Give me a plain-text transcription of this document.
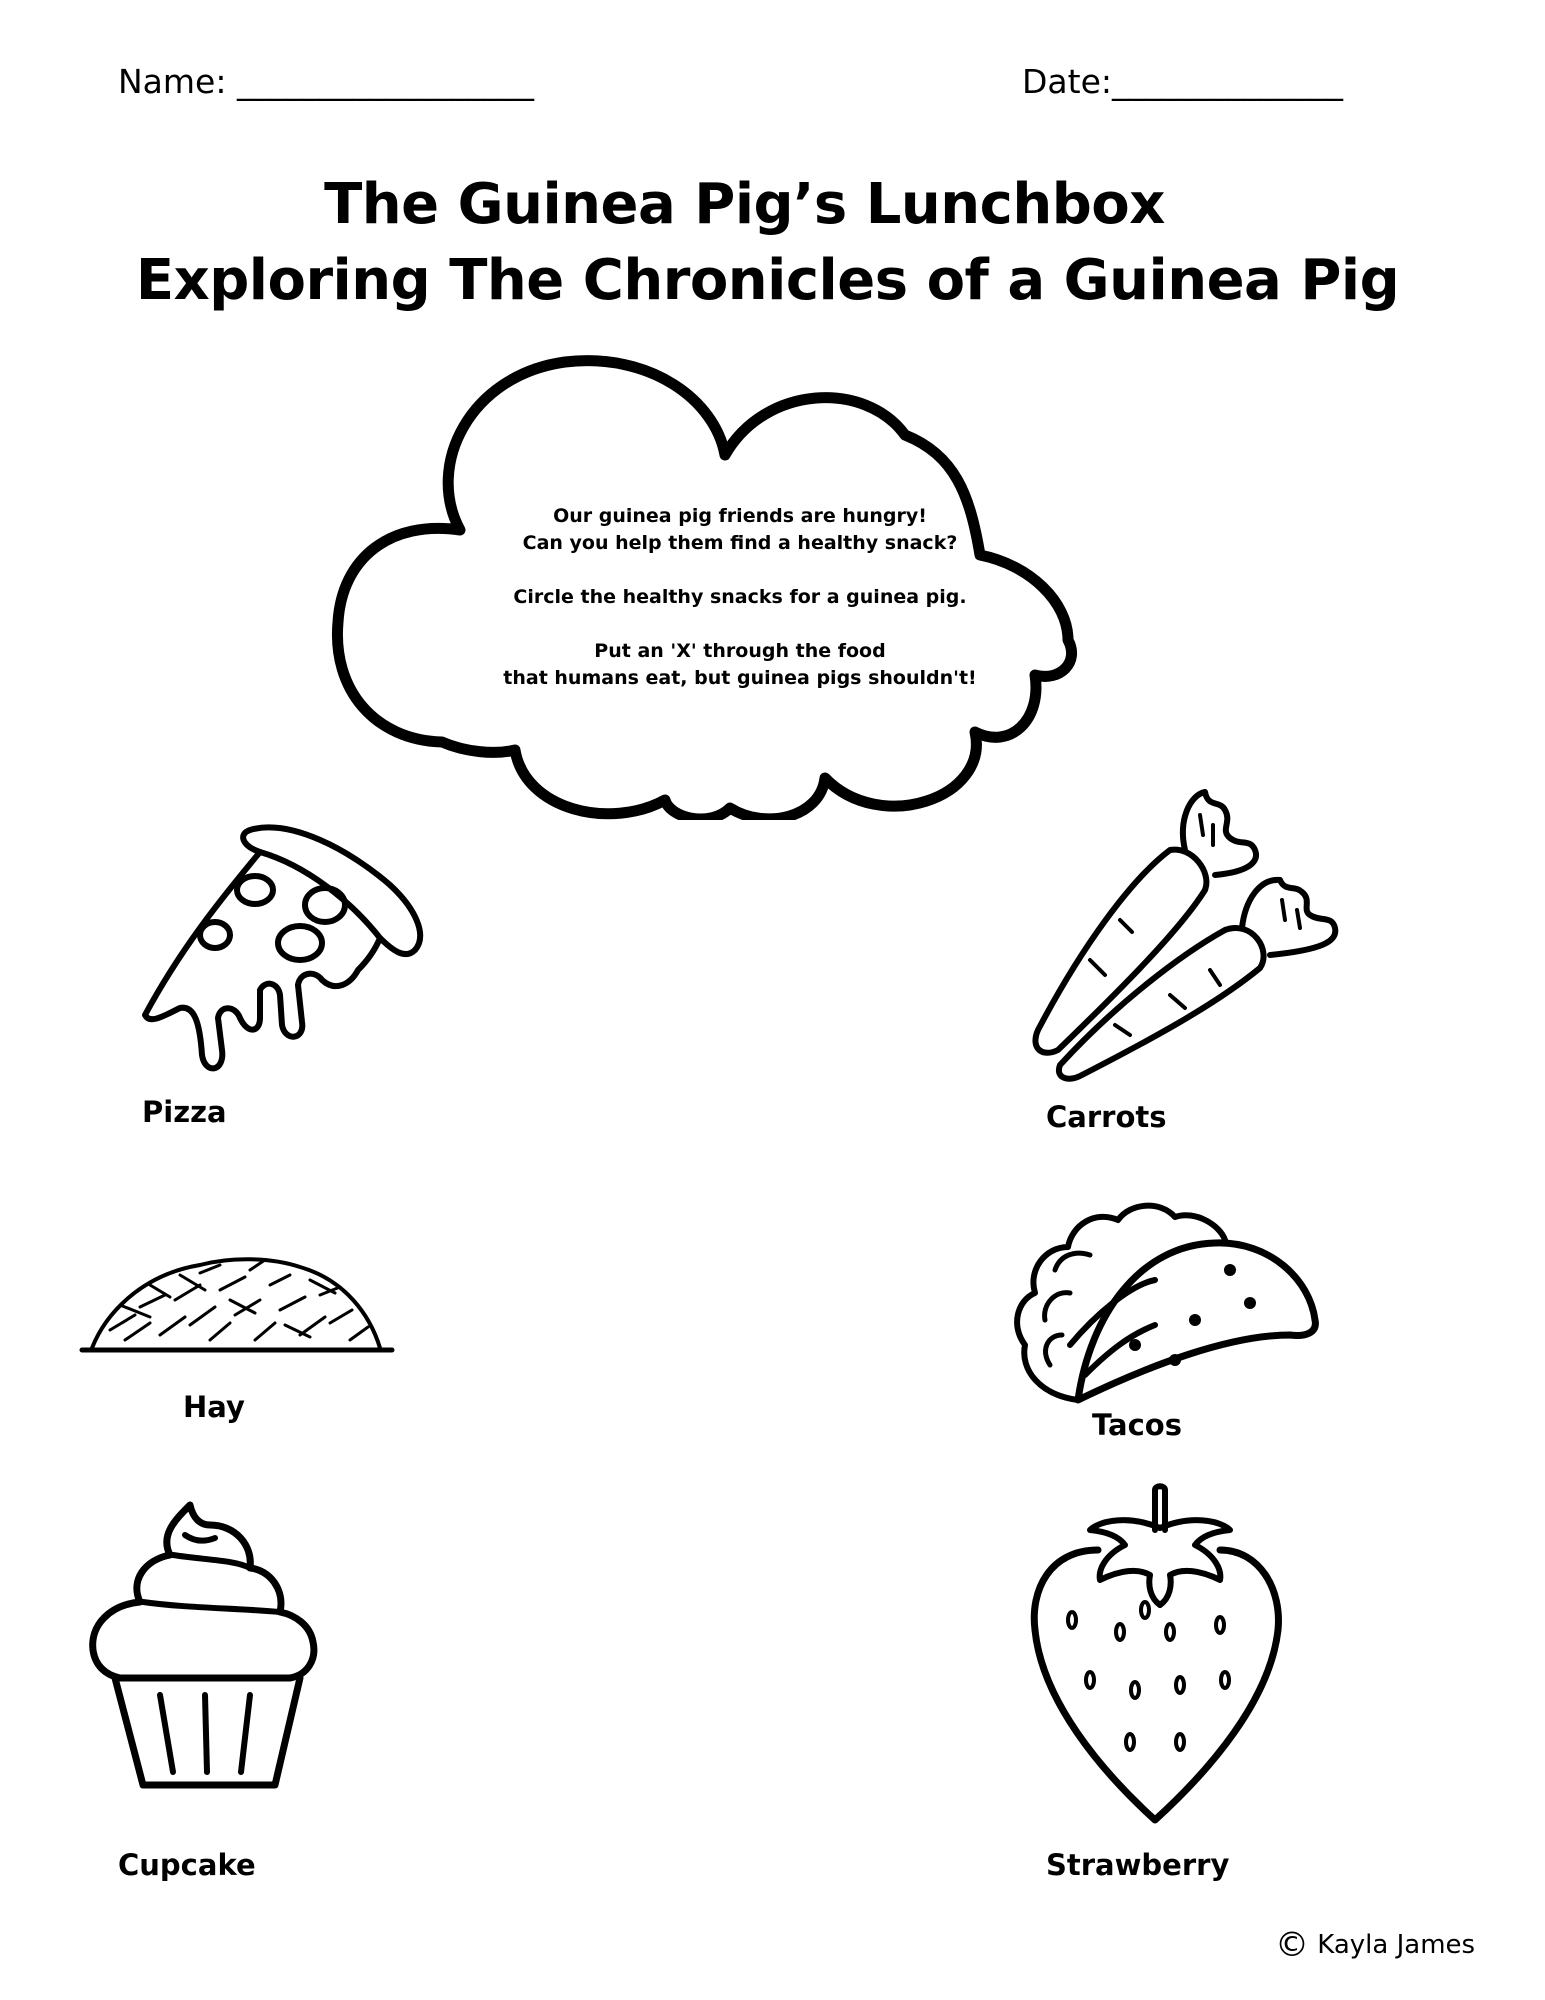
Name: __________________	Date:______________
The Guinea Pig’s Lunchbox
Exploring The Chronicles of a Guinea Pig

Our guinea pig friends are hungry!

Can you help them find a healthy snack?

Circle the healthy snacks for a guinea pig.

Put an 'X' through the food

that humans eat, but guinea pigs shouldn't!

Pizza	Carrots
Hay
Tacos
Cupcake	Strawberry
© Kayla James
